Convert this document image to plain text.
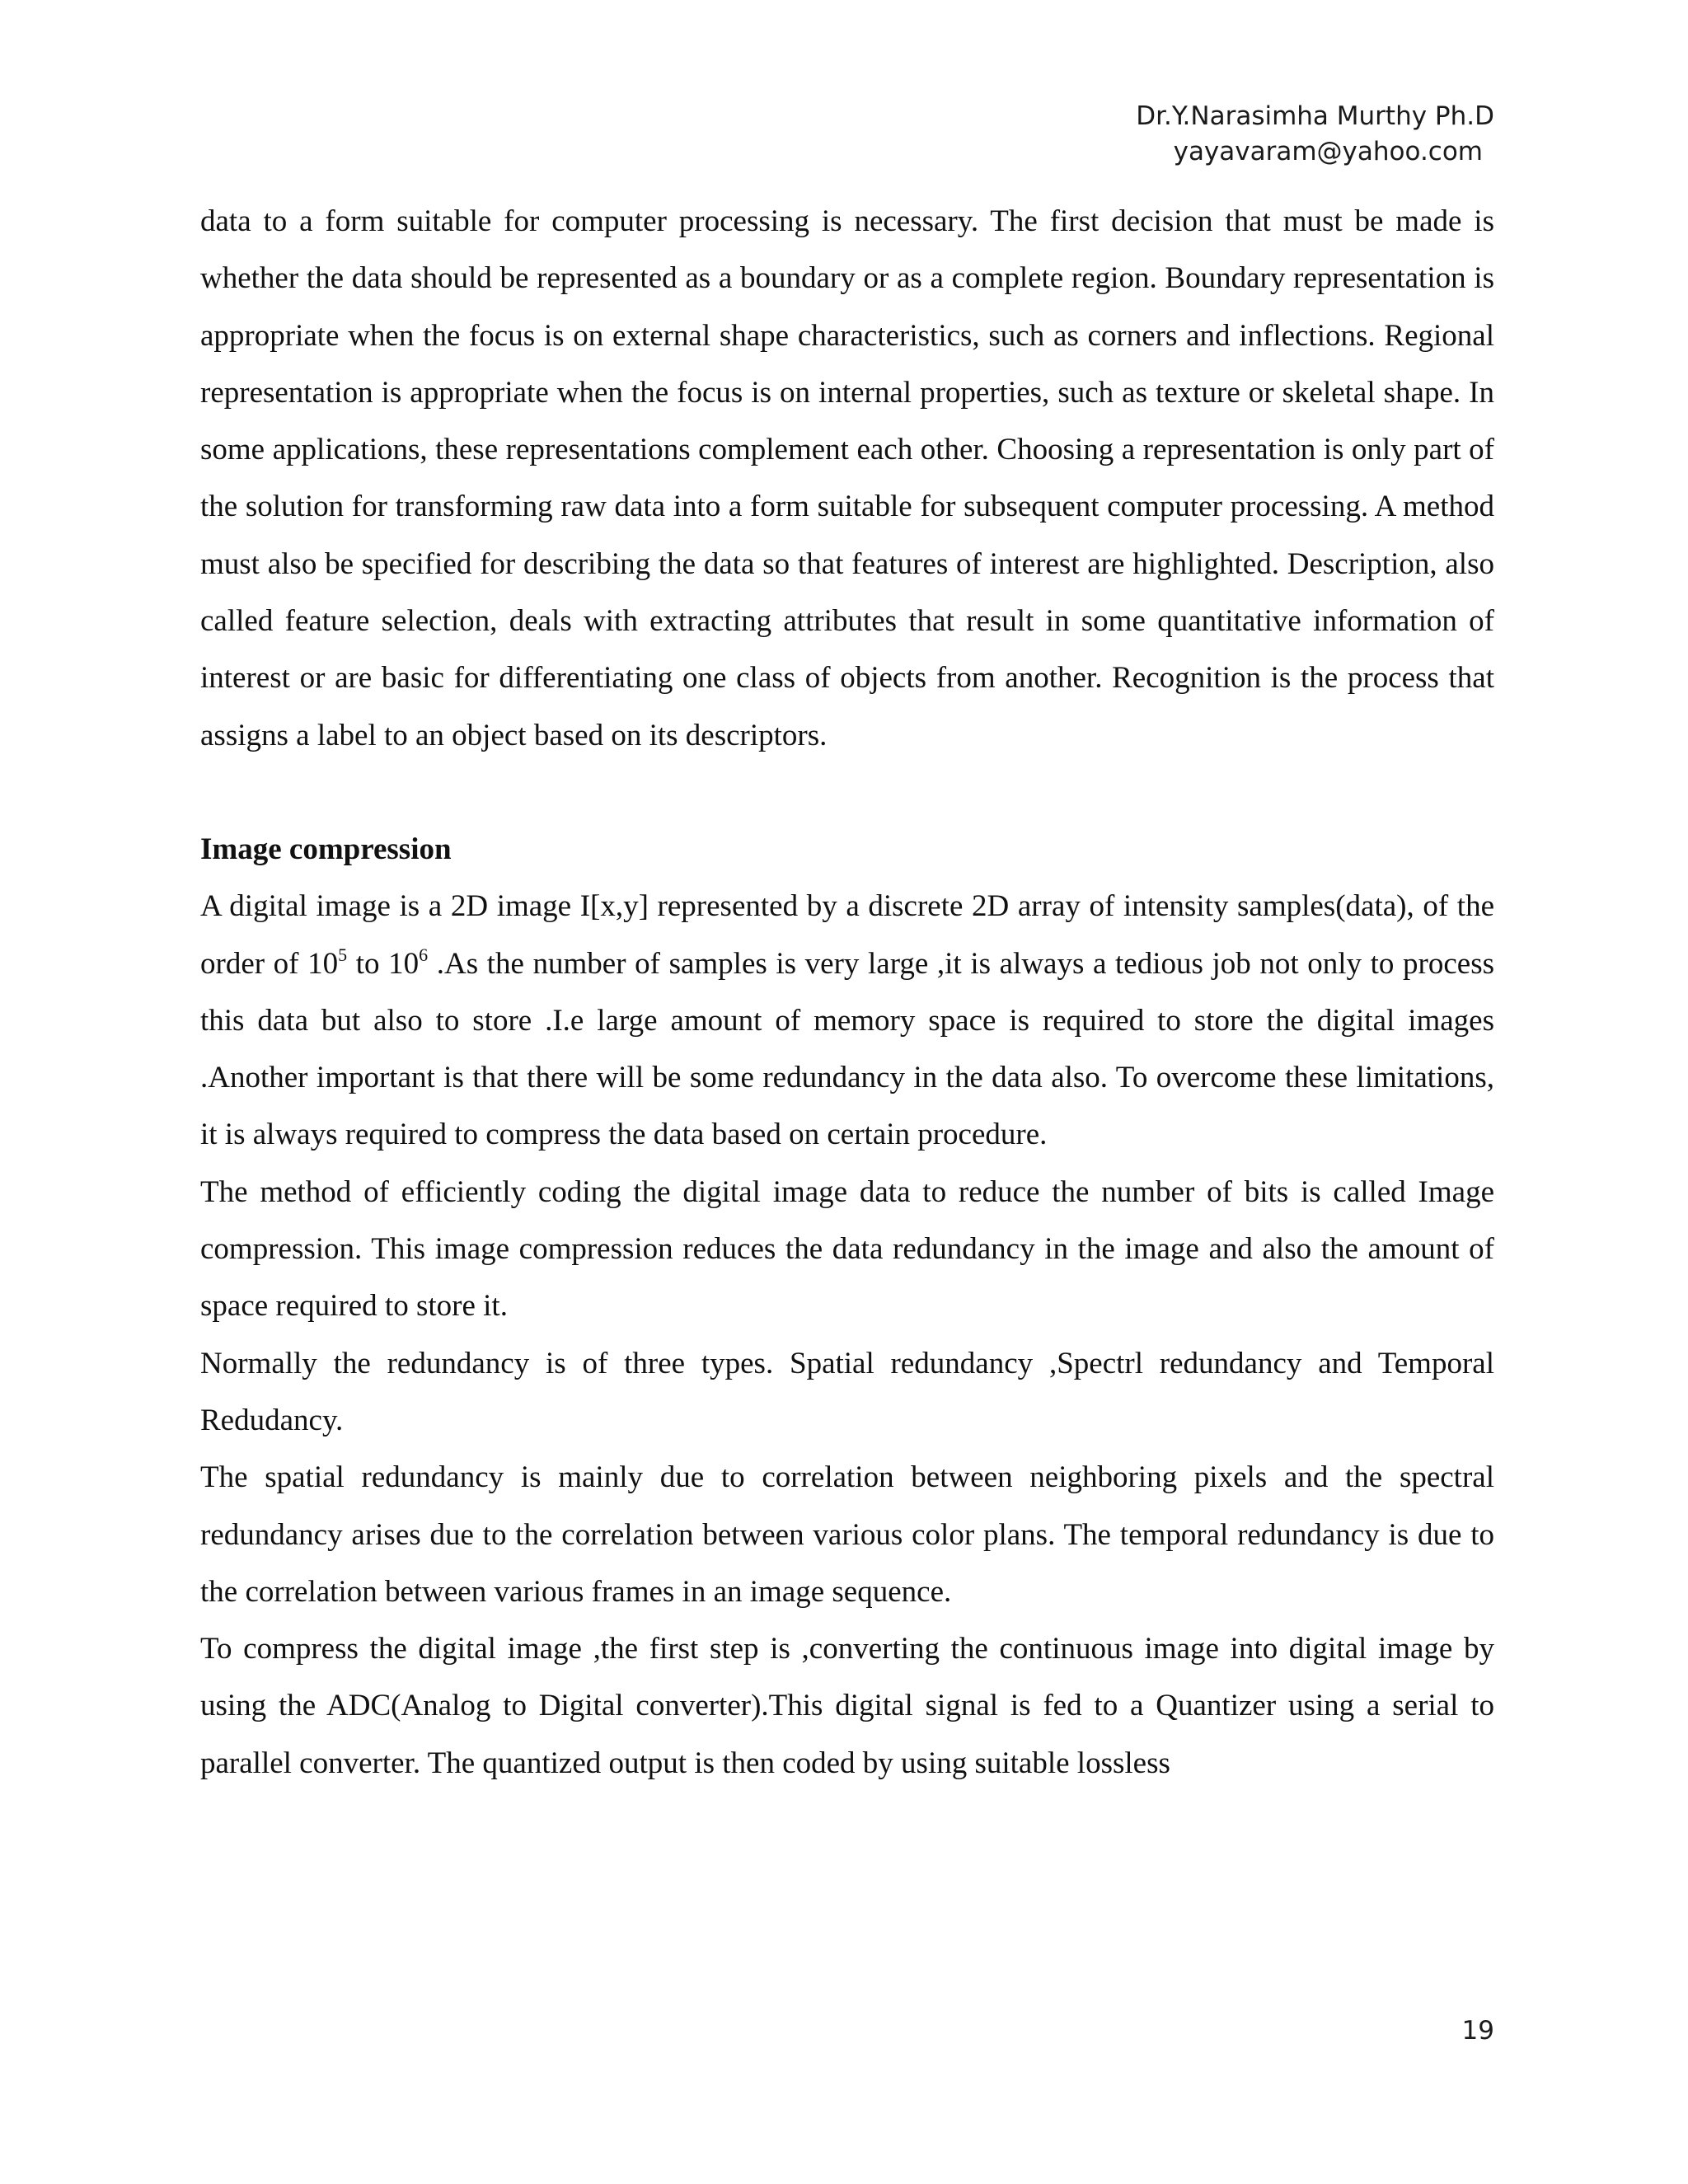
Dr.Y.Narasimha Murthy Ph.D
yayavaram@yahoo.com

data to a form suitable for computer processing is necessary. The first decision that must be made is whether the data should be represented as a boundary or as a complete region. Boundary representation is appropriate when the focus is on external shape characteristics, such as corners and inflections. Regional representation is appropriate when the focus is on internal properties, such as texture or skeletal shape. In some applications, these representations complement each other. Choosing a representation is only part of the solution for transforming raw data into a form suitable for subsequent computer processing. A method must also be specified for describing the data so that features of interest are highlighted. Description, also called feature selection, deals with extracting attributes that result in some quantitative information of interest or are basic for differentiating one class of objects from another. Recognition is the process that assigns a label to an object based on its descriptors.

Image compression

A digital image is a 2D image I[x,y] represented by a discrete 2D array of intensity samples(data), of the order of $10^5$ to $10^6$ .As the number of samples is very large ,it is always a tedious job not only to process this data but also to store .I.e large amount of memory space is required to store the digital images .Another important is that there will be some redundancy in the data also. To overcome these limitations, it is always required to compress the data based on certain procedure.

The method of efficiently coding the digital image data to reduce the number of bits is called Image compression. This image compression reduces the data redundancy in the image and also the amount of space required to store it.

Normally the redundancy is of three types. Spatial redundancy ,Spectrl redundancy and Temporal Redudancy.

The spatial redundancy is mainly due to correlation between neighboring pixels and the spectral redundancy arises due to the correlation between various color plans. The temporal redundancy is due to the correlation between various frames in an image sequence.

To compress the digital image ,the first step is ,converting the continuous image into digital image by using the ADC(Analog to Digital converter).This digital signal is fed to a Quantizer using a serial to parallel converter. The quantized output is then coded by using suitable lossless

19
